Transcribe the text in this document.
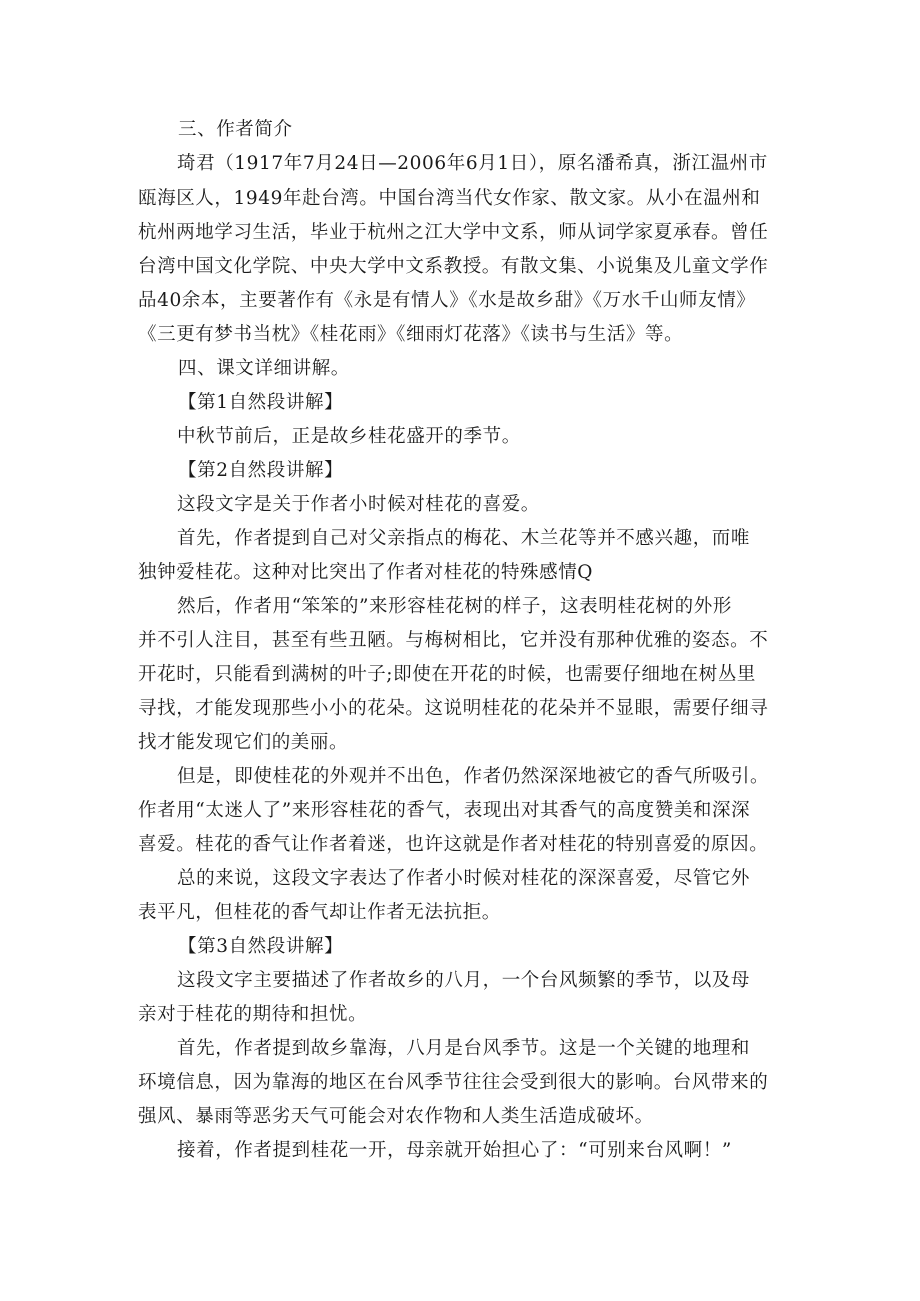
三、作者简介
琦君（1917年7月24日—2006年6月1日），原名潘希真，浙江温州市
瓯海区人，1949年赴台湾。中国台湾当代女作家、散文家。从小在温州和
杭州两地学习生活，毕业于杭州之江大学中文系，师从词学家夏承春。曾任
台湾中国文化学院、中央大学中文系教授。有散文集、小说集及儿童文学作
品40余本，主要著作有《永是有情人》《水是故乡甜》《万水千山师友情》
《三更有梦书当枕》《桂花雨》《细雨灯花落》《读书与生活》等。
四、课文详细讲解。
【第1自然段讲解】
中秋节前后，正是故乡桂花盛开的季节。
【第2自然段讲解】
这段文字是关于作者小时候对桂花的喜爱。
首先，作者提到自己对父亲指点的梅花、木兰花等并不感兴趣，而唯
独钟爱桂花。这种对比突出了作者对桂花的特殊感情Q
然后，作者用“笨笨的”来形容桂花树的样子，这表明桂花树的外形
并不引人注目，甚至有些丑陋。与梅树相比，它并没有那种优雅的姿态。不
开花时，只能看到满树的叶子;即使在开花的时候，也需要仔细地在树丛里
寻找，才能发现那些小小的花朵。这说明桂花的花朵并不显眼，需要仔细寻
找才能发现它们的美丽。
但是，即使桂花的外观并不出色，作者仍然深深地被它的香气所吸引。
作者用“太迷人了”来形容桂花的香气，表现出对其香气的高度赞美和深深
喜爱。桂花的香气让作者着迷，也许这就是作者对桂花的特别喜爱的原因。
总的来说，这段文字表达了作者小时候对桂花的深深喜爱，尽管它外
表平凡，但桂花的香气却让作者无法抗拒。
【第3自然段讲解】
这段文字主要描述了作者故乡的八月，一个台风频繁的季节，以及母
亲对于桂花的期待和担忧。
首先，作者提到故乡靠海，八月是台风季节。这是一个关键的地理和
环境信息，因为靠海的地区在台风季节往往会受到很大的影响。台风带来的
强风、暴雨等恶劣天气可能会对农作物和人类生活造成破坏。
接着，作者提到桂花一开，母亲就开始担心了：“可别来台风啊！”
